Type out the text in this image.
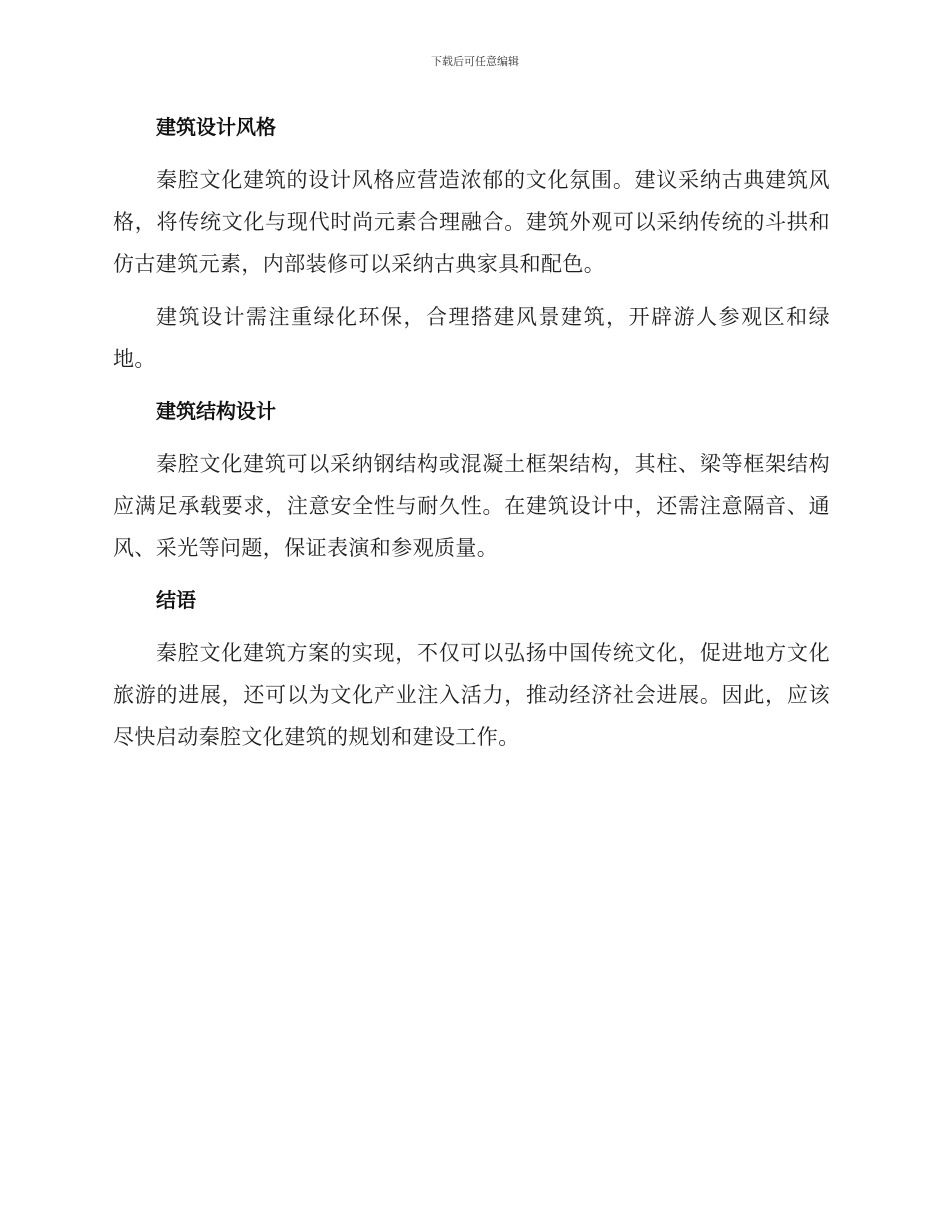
下载后可任意编辑
建筑设计风格

秦腔文化建筑的设计风格应营造浓郁的文化氛围。建议采纳古典建筑风格，将传统文化与现代时尚元素合理融合。建筑外观可以采纳传统的斗拱和仿古建筑元素，内部装修可以采纳古典家具和配色。

建筑设计需注重绿化环保，合理搭建风景建筑，开辟游人参观区和绿地。

建筑结构设计

秦腔文化建筑可以采纳钢结构或混凝土框架结构，其柱、梁等框架结构应满足承载要求，注意安全性与耐久性。在建筑设计中，还需注意隔音、通风、采光等问题，保证表演和参观质量。

结语

秦腔文化建筑方案的实现，不仅可以弘扬中国传统文化，促进地方文化旅游的进展，还可以为文化产业注入活力，推动经济社会进展。因此，应该尽快启动秦腔文化建筑的规划和建设工作。
